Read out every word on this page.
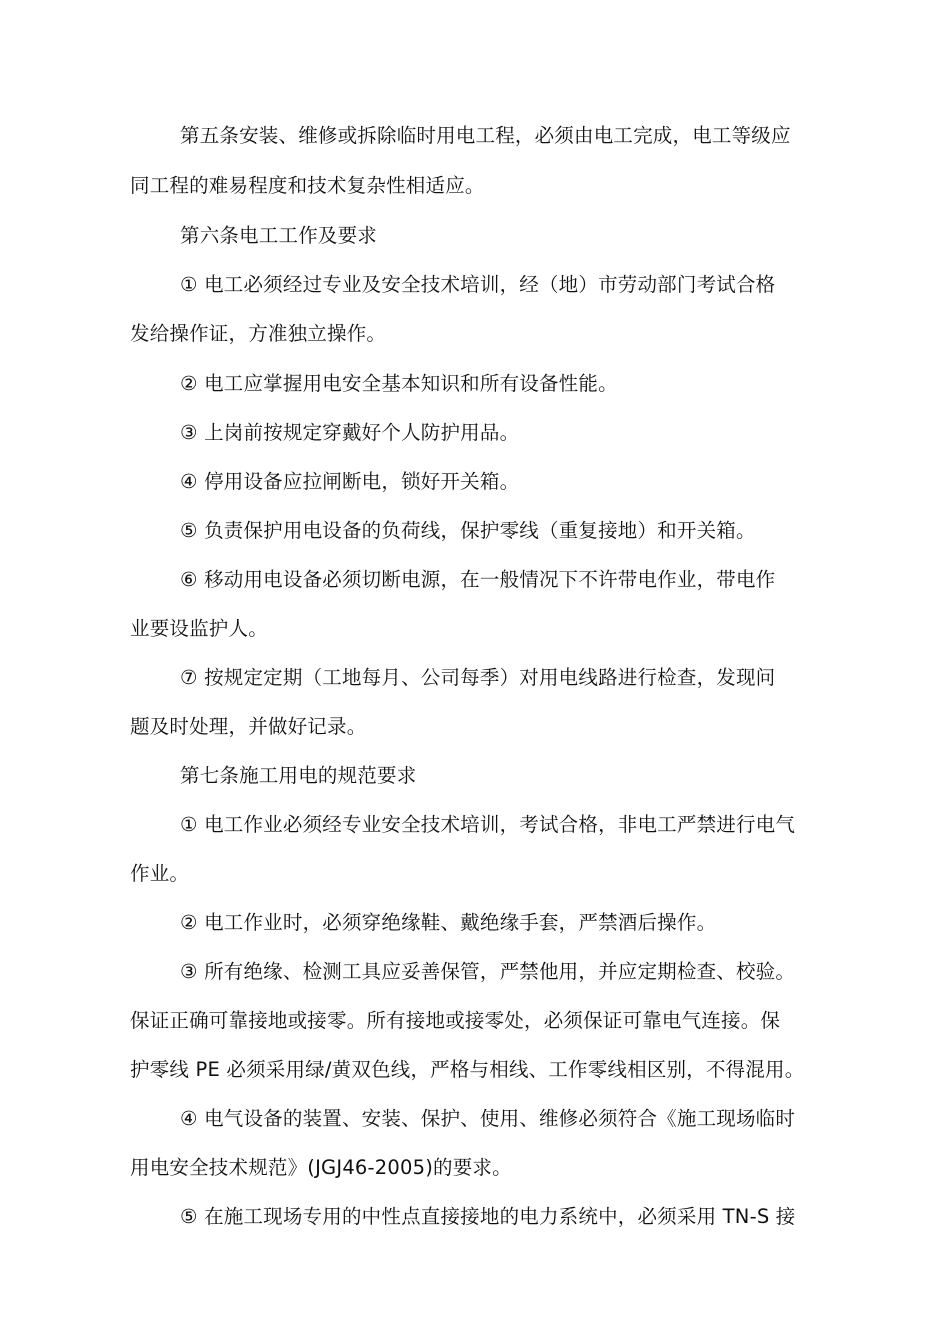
第五条安装、维修或拆除临时用电工程，必须由电工完成，电工等级应
同工程的难易程度和技术复杂性相适应。
第六条电工工作及要求
① 电工必须经过专业及安全技术培训，经（地）市劳动部门考试合格
发给操作证，方准独立操作。
② 电工应掌握用电安全基本知识和所有设备性能。
③ 上岗前按规定穿戴好个人防护用品。
④ 停用设备应拉闸断电，锁好开关箱。
⑤ 负责保护用电设备的负荷线，保护零线（重复接地）和开关箱。
⑥ 移动用电设备必须切断电源，在一般情况下不许带电作业，带电作
业要设监护人。
⑦ 按规定定期（工地每月、公司每季）对用电线路进行检查，发现问
题及时处理，并做好记录。
第七条施工用电的规范要求
① 电工作业必须经专业安全技术培训，考试合格，非电工严禁进行电气
作业。
② 电工作业时，必须穿绝缘鞋、戴绝缘手套，严禁酒后操作。
③ 所有绝缘、检测工具应妥善保管，严禁他用，并应定期检查、校验。
保证正确可靠接地或接零。所有接地或接零处，必须保证可靠电气连接。保
护零线 PE 必须采用绿/黄双色线，严格与相线、工作零线相区别，不得混用。
④ 电气设备的装置、安装、保护、使用、维修必须符合《施工现场临时
用电安全技术规范》(JGJ46-2005)的要求。
⑤ 在施工现场专用的中性点直接接地的电力系统中，必须采用 TN-S 接
